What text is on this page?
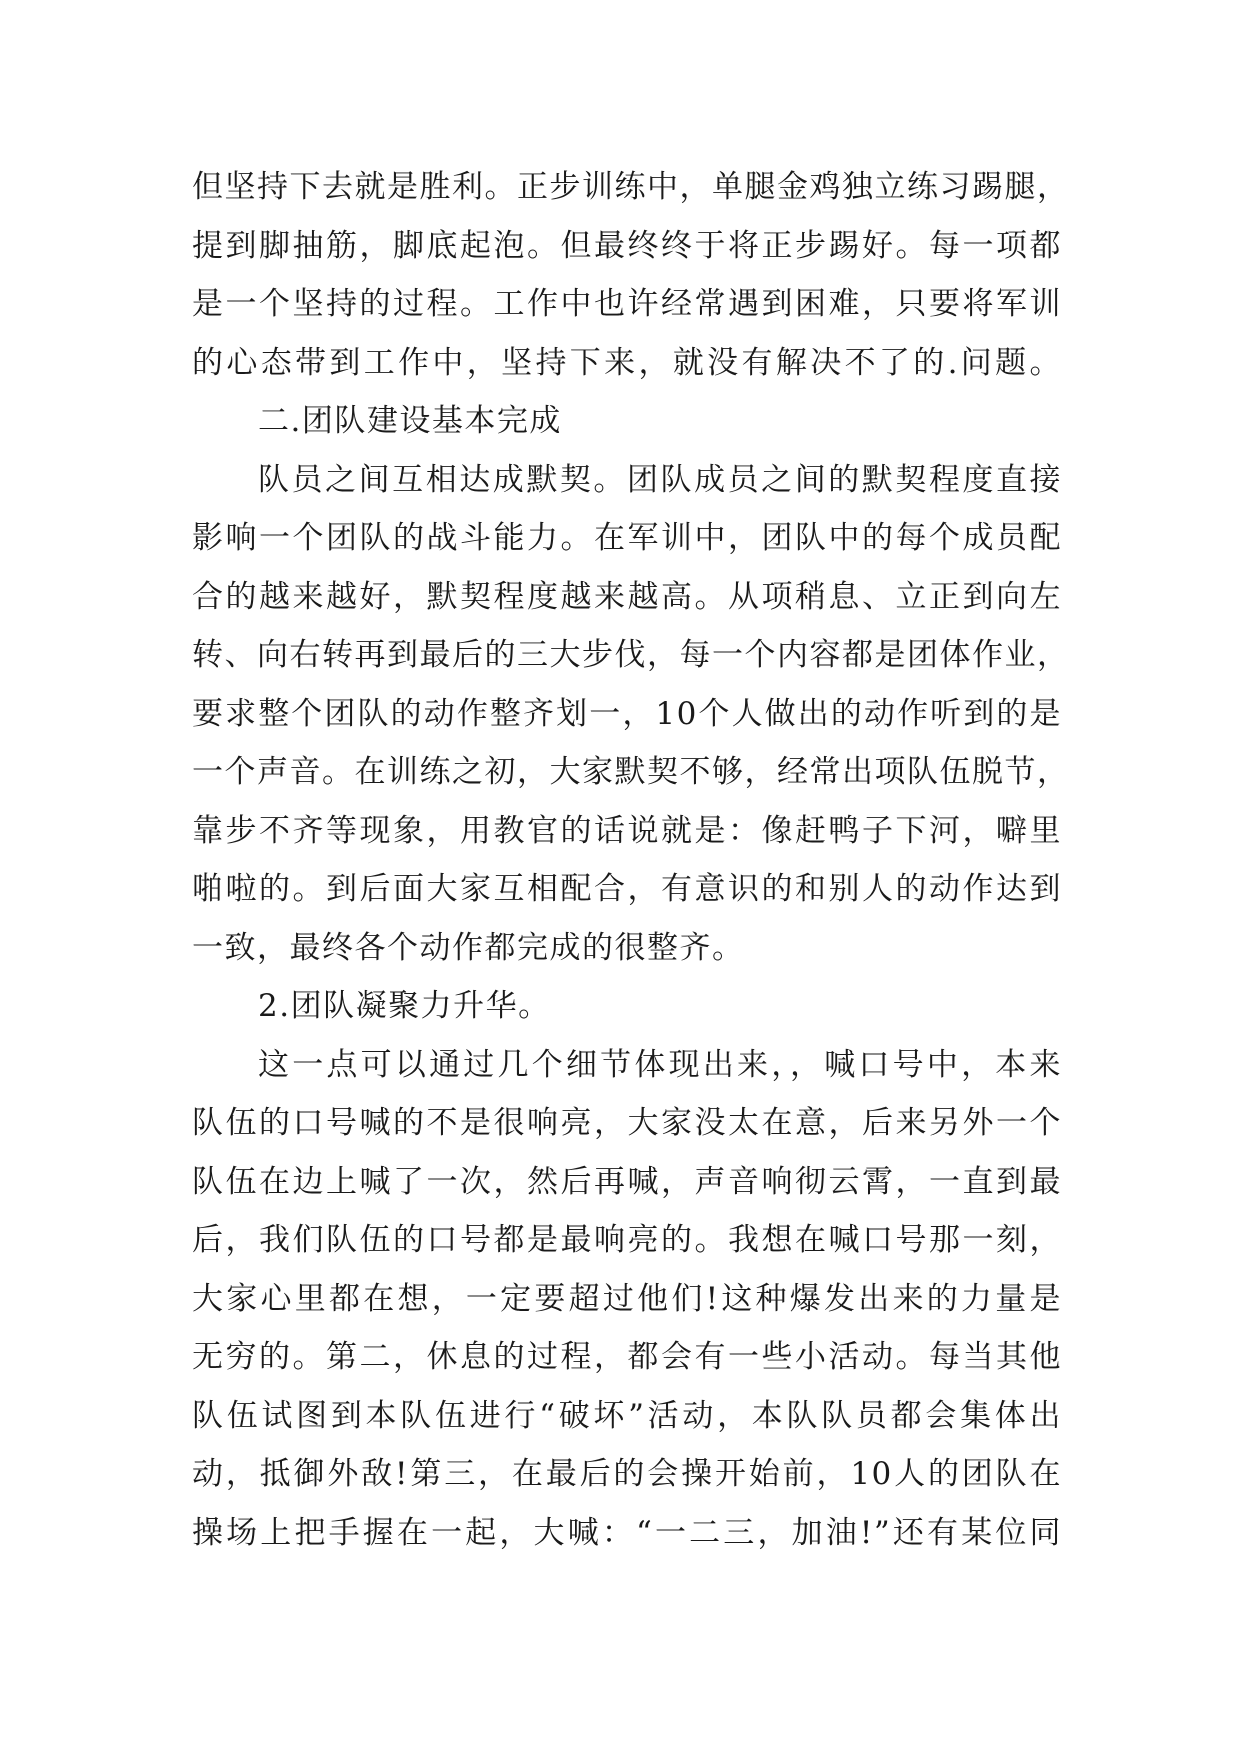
但坚持下去就是胜利。正步训练中，单腿金鸡独立练习踢腿，
提到脚抽筋，脚底起泡。但最终终于将正步踢好。每一项都
是一个坚持的过程。工作中也许经常遇到困难，只要将军训
的心态带到工作中，坚持下来，就没有解决不了的.问题。
二.团队建设基本完成
队员之间互相达成默契。团队成员之间的默契程度直接
影响一个团队的战斗能力。在军训中，团队中的每个成员配
合的越来越好，默契程度越来越高。从项稍息、立正到向左
转、向右转再到最后的三大步伐，每一个内容都是团体作业，
要求整个团队的动作整齐划一，10个人做出的动作听到的是
一个声音。在训练之初，大家默契不够，经常出项队伍脱节，
靠步不齐等现象，用教官的话说就是：像赶鸭子下河，噼里
啪啦的。到后面大家互相配合，有意识的和别人的动作达到
一致，最终各个动作都完成的很整齐。
2.团队凝聚力升华。
这一点可以通过几个细节体现出来，，喊口号中，本来
队伍的口号喊的不是很响亮，大家没太在意，后来另外一个
队伍在边上喊了一次，然后再喊，声音响彻云霄，一直到最
后，我们队伍的口号都是最响亮的。我想在喊口号那一刻，
大家心里都在想，一定要超过他们!这种爆发出来的力量是
无穷的。第二，休息的过程，都会有一些小活动。每当其他
队伍试图到本队伍进行“破坏”活动，本队队员都会集体出
动，抵御外敌!第三，在最后的会操开始前，10人的团队在
操场上把手握在一起，大喊：“一二三，加油!”还有某位同
